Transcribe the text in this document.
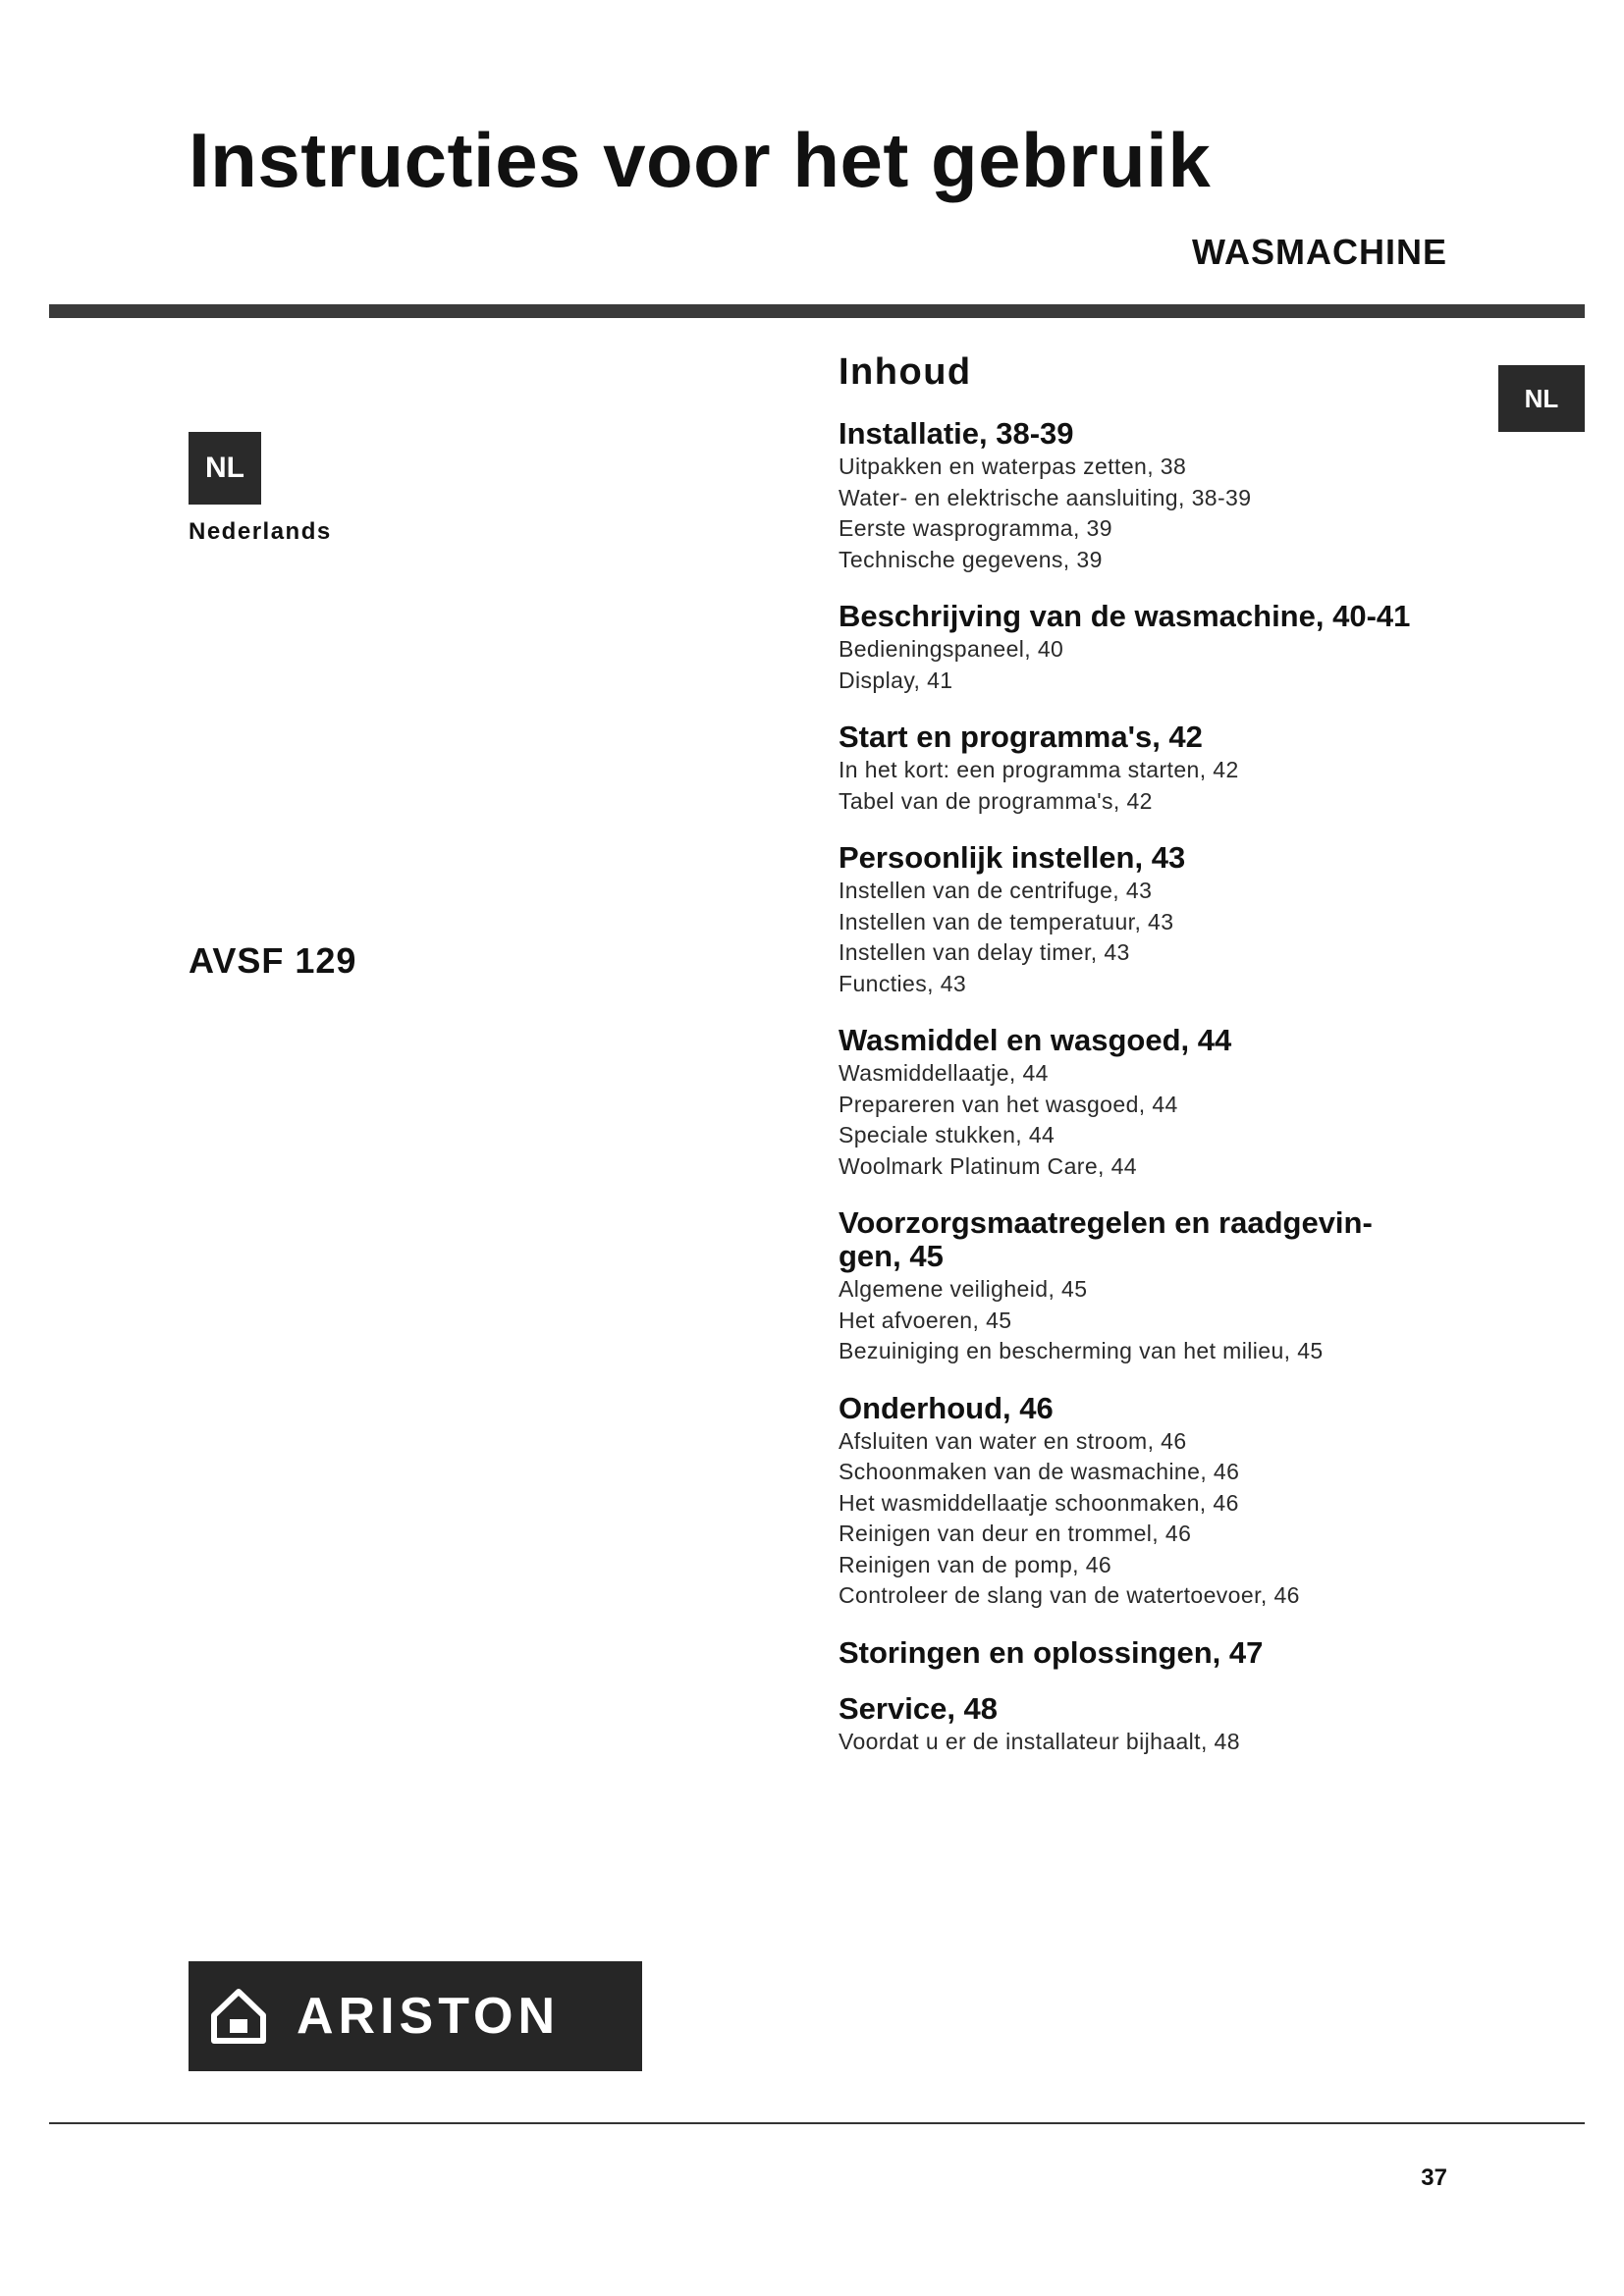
Instructies voor het gebruik
WASMACHINE
NL
Nederlands
AVSF 129
NL
Inhoud
Installatie, 38-39
Uitpakken en waterpas zetten, 38
Water- en elektrische aansluiting, 38-39
Eerste wasprogramma, 39
Technische gegevens, 39
Beschrijving van de wasmachine, 40-41
Bedieningspaneel, 40
Display, 41
Start en programma's, 42
In het kort: een programma starten, 42
Tabel van de programma's, 42
Persoonlijk instellen, 43
Instellen van de centrifuge, 43
Instellen van de temperatuur, 43
Instellen van delay timer, 43
Functies, 43
Wasmiddel en wasgoed, 44
Wasmiddellaatje, 44
Prepareren van het wasgoed, 44
Speciale stukken, 44
Woolmark Platinum Care, 44
Voorzorgsmaatregelen en raadgevin-
gen, 45
Algemene veiligheid, 45
Het afvoeren, 45
Bezuiniging en bescherming van het milieu, 45
Onderhoud, 46
Afsluiten van water en stroom, 46
Schoonmaken van de wasmachine, 46
Het wasmiddellaatje schoonmaken, 46
Reinigen van deur en trommel, 46
Reinigen van de pomp, 46
Controleer de slang van de watertoevoer, 46
Storingen en oplossingen, 47
Service, 48
Voordat u er de installateur bijhaalt, 48
ARISTON
37
